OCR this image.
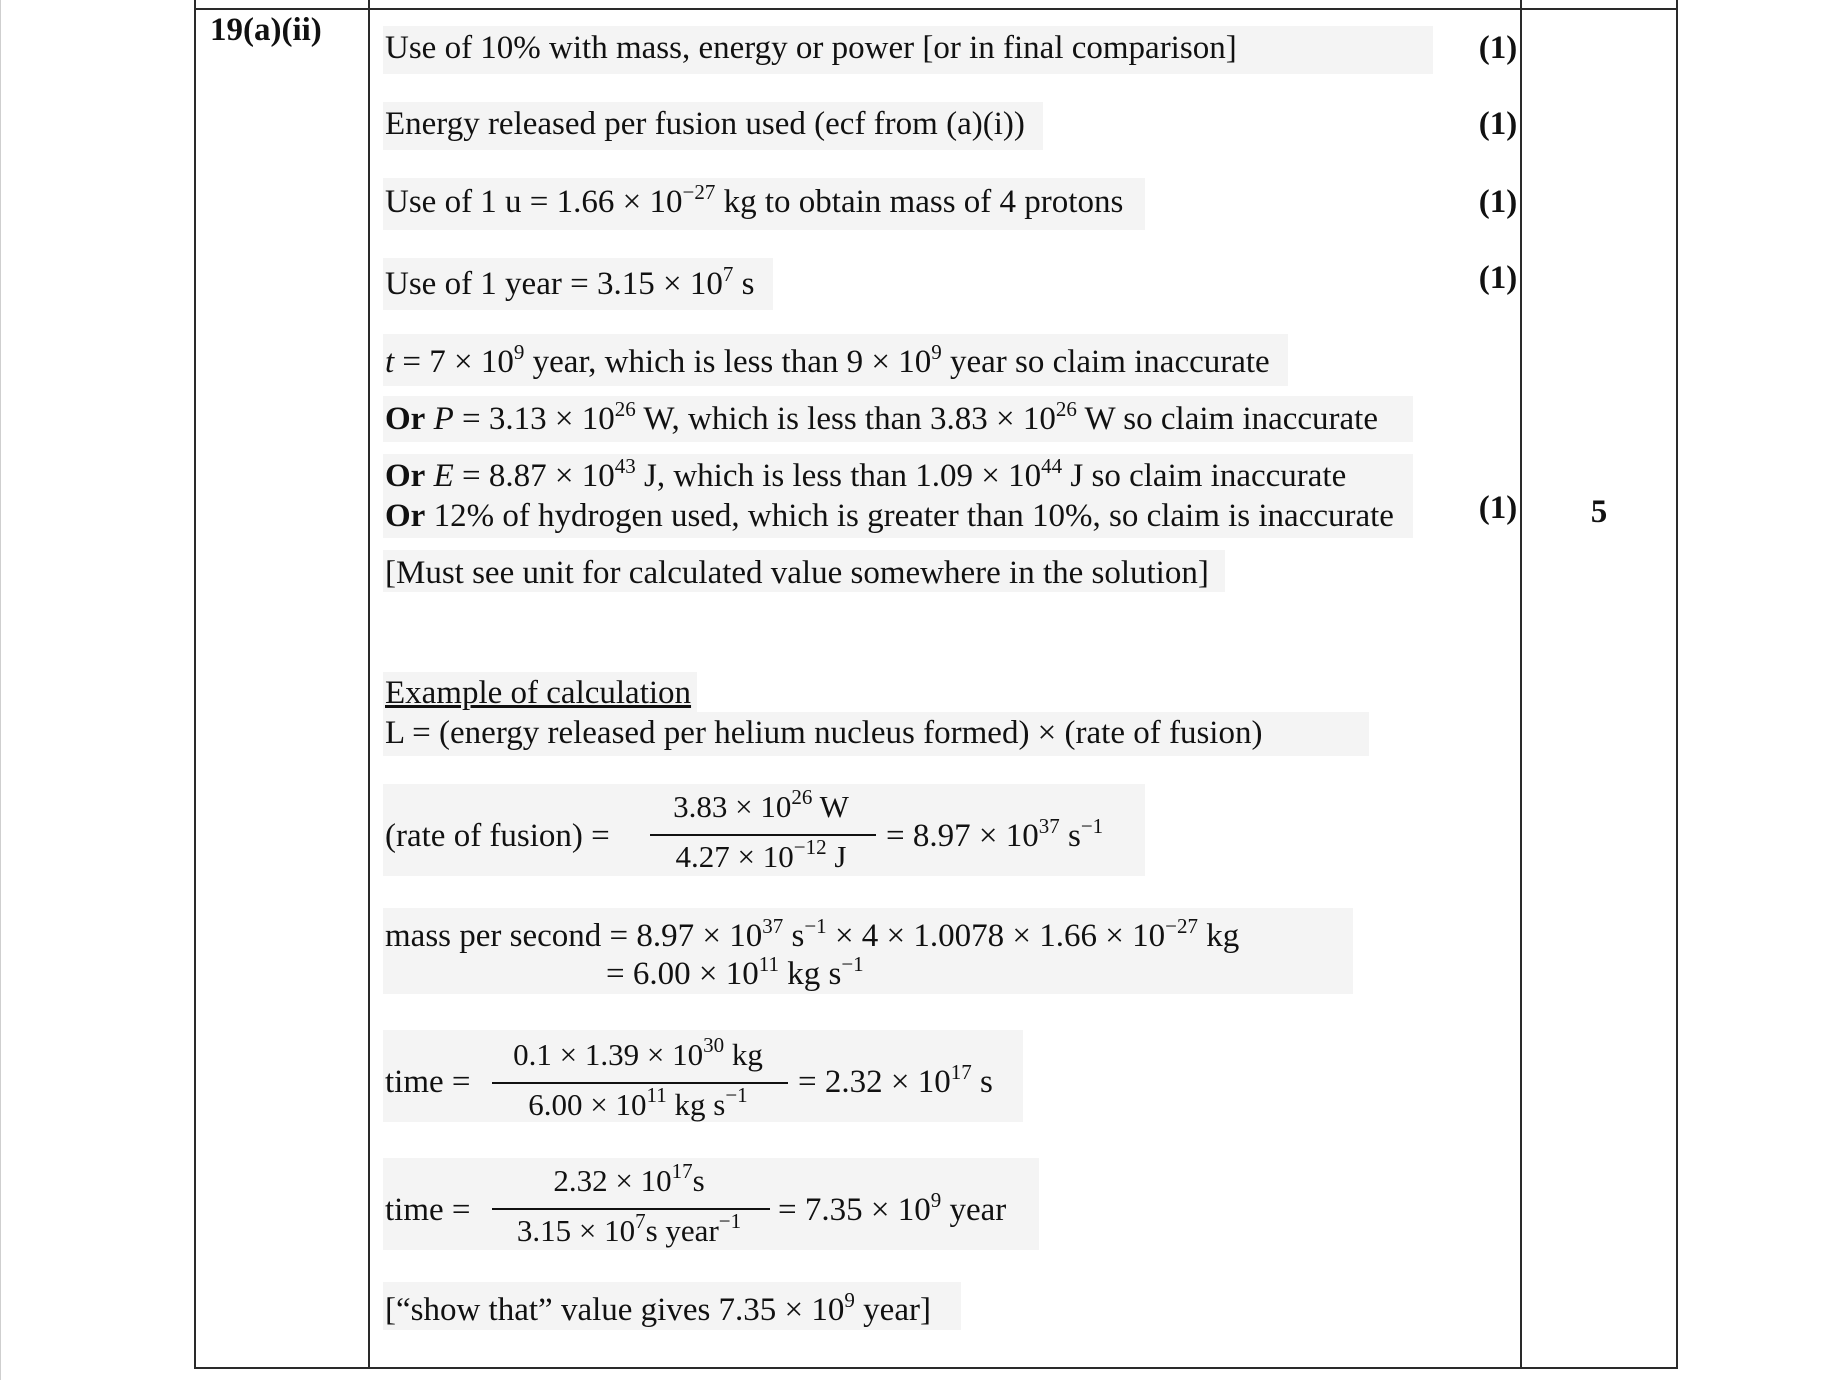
19(a)(ii) Use of 10% with mass, energy or power [or in final comparison]	(1)
Energy released per fusion used (ecf from (a)(i))	(1)
Use of 1 $u = 1.66 \times 10^{-27}$ kg to obtain mass of 4 protons	(1)
Use of 1 year = $3.15 \times 10^7$ s	(1)
$t = 7 \times 10^9$ year, which is less than $9 \times 10^9$ year so claim inaccurate
Or $P = 3.13 \times 10^{26}$ W, which is less than $3.83 \times 10^{26}$ W so claim inaccurate
Or $E = 8.87 \times 10^{43}$ J, which is less than $1.09 \times 10^{44}$ J so claim inaccurate
Or 12% of hydrogen used, which is greater than 10%, so claim is inaccurate	(1)
[Must see unit for calculated value somewhere in the solution]
5
Example of calculation
L = (energy released per helium nucleus formed) × (rate of fusion)
(rate of fusion) =
$3.83 \times 10^{26}$ W
$4.27 \times 10^{-12}$ J
= $8.97 \times 10^{37}$ $s^{-1}$
mass per second = $8.97 \times 10^{37}$ $s^{-1} \times 4 \times 1.0078 \times 1.66 \times 10^{-27}$ kg
= $6.00 \times 10^{11}$ kg $s^{-1}$
time =
$0.1 \times 1.39 \times 10^{30}$ kg
$6.00 \times 10^{11}$ kg $s^{-1}$	= $2.32 \times 10^{17}$ s
time =
$2.32 \times 10^{17}s$
$3.15 \times 10^7s$ year$^{-1}$	= $7.35 \times 10^9$ year
[“show that” value gives $7.35 \times 10^9$ year]
